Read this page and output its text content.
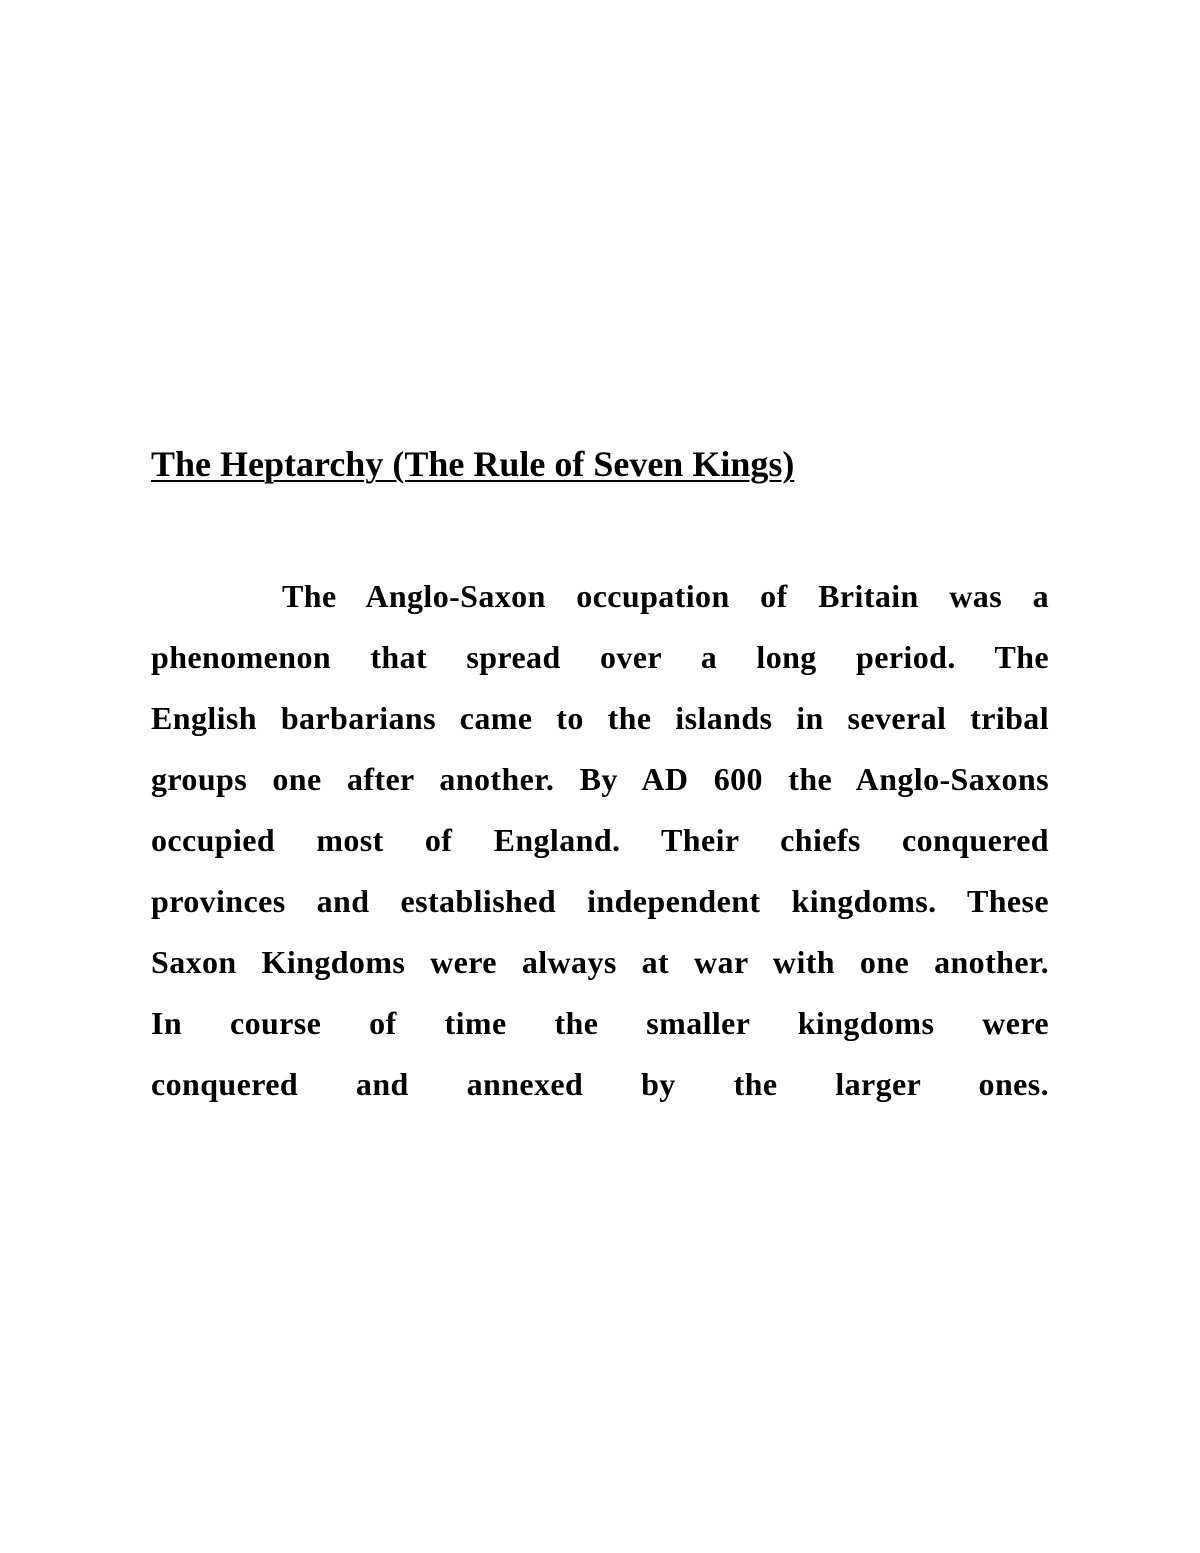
The Heptarchy (The Rule of Seven Kings)
The Anglo-Saxon occupation of Britain was a
phenomenon that spread over a long period. The
English barbarians came to the islands in several tribal
groups one after another. By AD 600 the Anglo-Saxons
occupied most of England. Their chiefs conquered
provinces and established independent kingdoms. These
Saxon Kingdoms were always at war with one another.
In course of time the smaller kingdoms were
conquered and annexed by the larger ones.
